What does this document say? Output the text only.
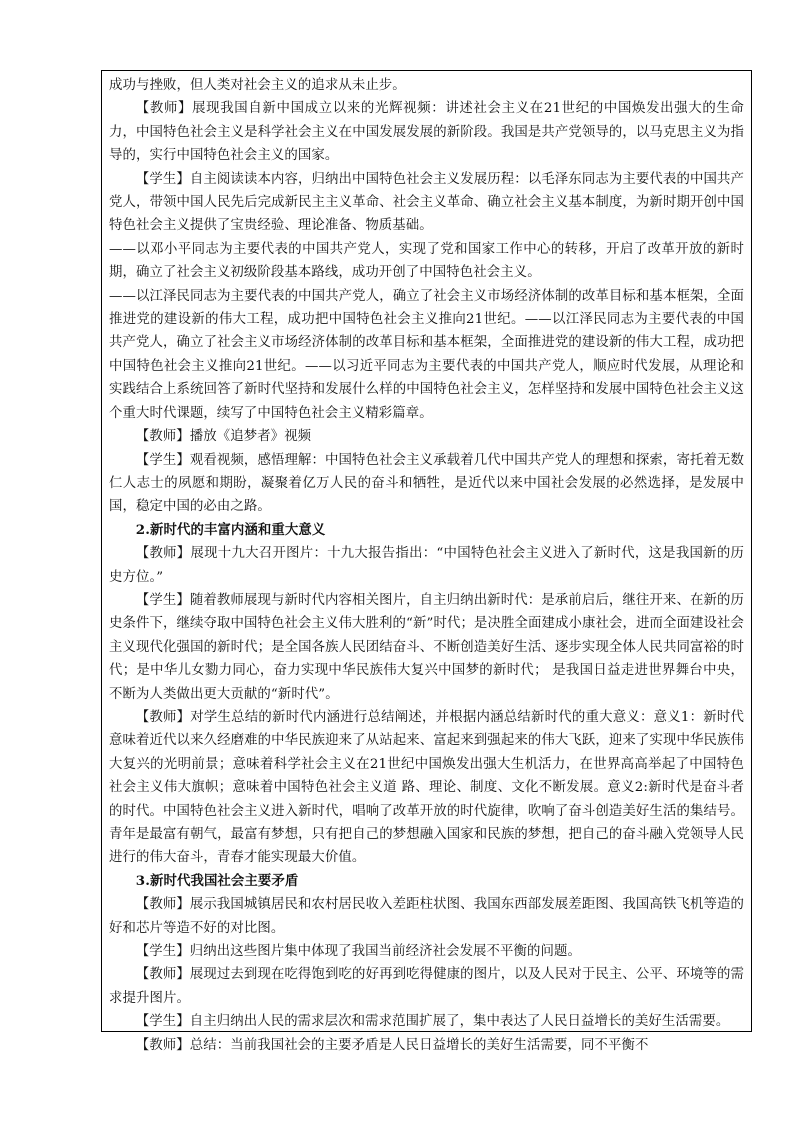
成功与挫败，但人类对社会主义的追求从未止步。

【教师】展现我国自新中国成立以来的光辉视频：讲述社会主义在21世纪的中国焕发出强大的生命力，中国特色社会主义是科学社会主义在中国发展发展的新阶段。我国是共产党领导的，以马克思主义为指导的，实行中国特色社会主义的国家。

【学生】自主阅读读本内容，归纳出中国特色社会主义发展历程：以毛泽东同志为主要代表的中国共产党人，带领中国人民先后完成新民主主义革命、社会主义革命、确立社会主义基本制度，为新时期开创中国特色社会主义提供了宝贵经验、理论准备、物质基础。

——以邓小平同志为主要代表的中国共产党人，实现了党和国家工作中心的转移，开启了改革开放的新时期，确立了社会主义初级阶段基本路线，成功开创了中国特色社会主义。

——以江泽民同志为主要代表的中国共产党人，确立了社会主义市场经济体制的改革目标和基本框架，全面推进党的建设新的伟大工程，成功把中国特色社会主义推向21世纪。——以江泽民同志为主要代表的中国共产党人，确立了社会主义市场经济体制的改革目标和基本框架，全面推进党的建设新的伟大工程，成功把中国特色社会主义推向21世纪。——以习近平同志为主要代表的中国共产党人，顺应时代发展，从理论和实践结合上系统回答了新时代坚持和发展什么样的中国特色社会主义，怎样坚持和发展中国特色社会主义这个重大时代课题，续写了中国特色社会主义精彩篇章。

【教师】播放《追梦者》视频

【学生】观看视频，感悟理解：中国特色社会主义承载着几代中国共产党人的理想和探索，寄托着无数仁人志士的夙愿和期盼，凝聚着亿万人民的奋斗和牺牲，是近代以来中国社会发展的必然选择，是发展中国，稳定中国的必由之路。

2.新时代的丰富内涵和重大意义

【教师】展现十九大召开图片：十九大报告指出：“中国特色社会主义进入了新时代，这是我国新的历史方位。”

【学生】随着教师展现与新时代内容相关图片，自主归纳出新时代：是承前启后，继往开来、在新的历史条件下，继续夺取中国特色社会主义伟大胜利的“新”时代；是决胜全面建成小康社会，进而全面建设社会主义现代化强国的新时代；是全国各族人民团结奋斗、不断创造美好生活、逐步实现全体人民共同富裕的时代；是中华儿女勠力同心，奋力实现中华民族伟大复兴中国梦的新时代； 是我国日益走进世界舞台中央，不断为人类做出更大贡献的“新时代”。

【教师】对学生总结的新时代内涵进行总结阐述，并根据内涵总结新时代的重大意义：意义1：新时代意味着近代以来久经磨难的中华民族迎来了从站起来、富起来到强起来的伟大飞跃，迎来了实现中华民族伟大复兴的光明前景；意味着科学社会主义在21世纪中国焕发出强大生机活力，在世界高高举起了中国特色社会主义伟大旗帜；意味着中国特色社会主义道 路、理论、制度、文化不断发展。意义2:新时代是奋斗者的时代。中国特色社会主义进入新时代，唱响了改革开放的时代旋律，吹响了奋斗创造美好生活的集结号。青年是最富有朝气，最富有梦想，只有把自己的梦想融入国家和民族的梦想，把自己的奋斗融入党领导人民进行的伟大奋斗，青春才能实现最大价值。

3.新时代我国社会主要矛盾

【教师】展示我国城镇居民和农村居民收入差距柱状图、我国东西部发展差距图、我国高铁飞机等造的好和芯片等造不好的对比图。

【学生】归纳出这些图片集中体现了我国当前经济社会发展不平衡的问题。

【教师】展现过去到现在吃得饱到吃的好再到吃得健康的图片，以及人民对于民主、公平、环境等的需求提升图片。

【学生】自主归纳出人民的需求层次和需求范围扩展了，集中表达了人民日益增长的美好生活需要。

【教师】总结：当前我国社会的主要矛盾是人民日益增长的美好生活需要，同不平衡不
